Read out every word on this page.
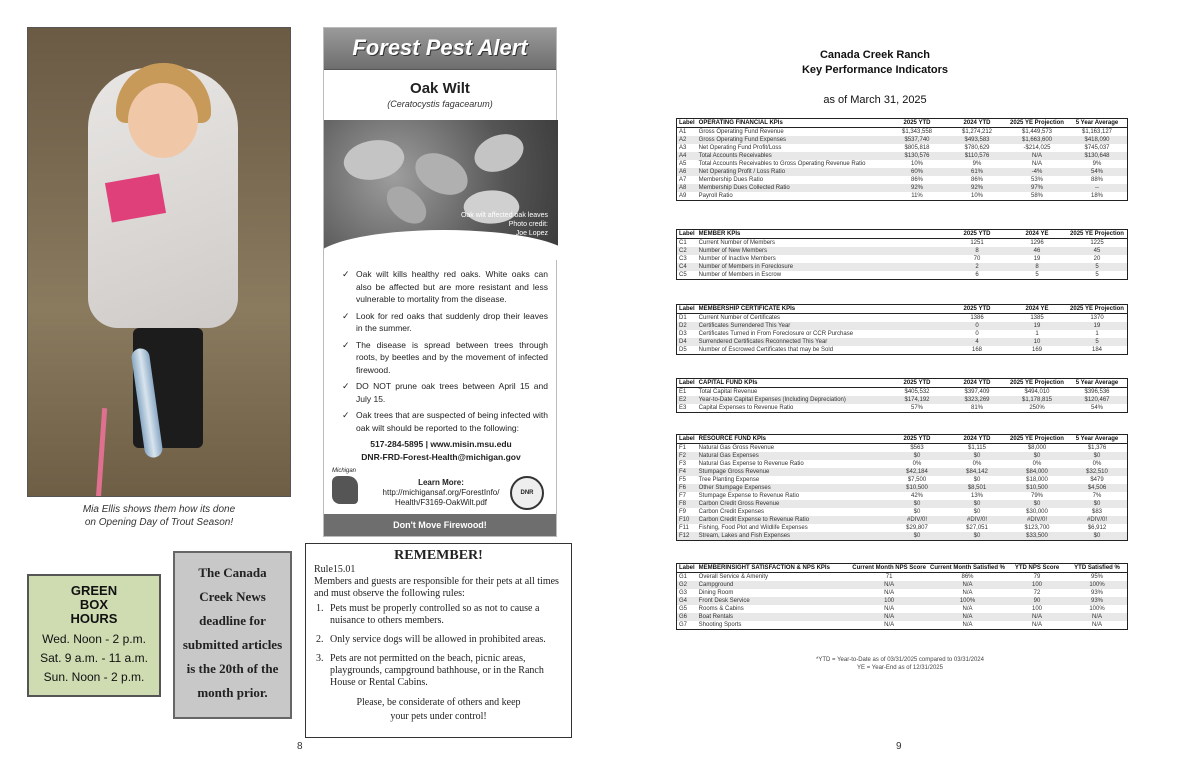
Mia Ellis shows them how its done
on Opening Day of Trout Season!
GREEN
BOX
HOURS
Wed. Noon - 2 p.m.
Sat. 9 a.m. - 11 a.m.
Sun. Noon - 2 p.m.
The Canada
Creek News
deadline for
submitted articles
is the 20th of the
month prior.
Forest Pest Alert
Oak Wilt
(Ceratocystis fagacearum)
Oak wilt affected oak leaves
Photo credit:
Joe Lopez
✓ Oak wilt kills healthy red oaks. White oaks can also be affected but are more resistant and less vulnerable to mortality from the disease.
✓ Look for red oaks that suddenly drop their leaves in the summer.
✓ The disease is spread between trees through roots, by beetles and by the movement of infected firewood.
✓ DO NOT prune oak trees between April 15 and July 15.
✓ Oak trees that are suspected of being infected with oak wilt should be reported to the following:
517-284-5895 | www.misin.msu.edu
DNR-FRD-Forest-Health@michigan.gov
Michigan
Learn More:
http://michigansaf.org/ForestInfo/
Health/F3169-OakWilt.pdf
DNR
Don't Move Firewood!
REMEMBER!
Rule15.01
Members and guests are responsible for their pets at all times and must observe the following rules:
1. Pets must be properly controlled so as not to cause a nuisance to others members.
2. Only service dogs will be allowed in prohibited areas.
3. Pets are not permitted on the beach, picnic areas, playgrounds, campground bathhouse, or in the Ranch House or Rental Cabins.
Please, be considerate of others and keep
your pets under control!
8
Canada Creek Ranch
Key Performance Indicators
as of March 31, 2025
Label	OPERATING FINANCIAL KPIs	2025 YTD	2024 YTD	2025 YE Projection	5 Year Average
A1	Gross Operating Fund Revenue	$1,343,558	$1,274,212	$1,449,573	$1,163,127
A2	Gross Operating Fund Expenses	$537,740	$493,583	$1,663,600	$418,090
A3	Net Operating Fund Profit/Loss	$805,818	$780,629	-$214,025	$745,037
A4	Total Accounts Receivables	$130,576	$110,576	N/A	$130,648
A5	Total Accounts Receivables to Gross Operating Revenue Ratio	10%	9%	N/A	9%
A6	Net Operating Profit / Loss Ratio	60%	61%	-4%	54%
A7	Membership Dues Ratio	86%	86%	53%	88%
A8	Membership Dues Collected Ratio	92%	92%	97%	--
A9	Payroll Ratio	11%	10%	58%	18%
Label	MEMBER KPIs	2025 YTD	2024 YE	2025 YE Projection
C1	Current Number of Members	1251	1296	1225
C2	Number of New Members	8	46	45
C3	Number of Inactive Members	70	19	20
C4	Number of Members in Foreclosure	2	8	5
C5	Number of Members in Escrow	6	5	5
Label	MEMBERSHIP CERTIFICATE KPIs	2025 YTD	2024 YE	2025 YE Projection
D1	Current Number of Certificates	1386	1385	1370
D2	Certificates Surrendered This Year	0	19	19
D3	Certificates Turned in From Foreclosure or CCR Purchase	0	1	1
D4	Surrendered Certificates Reconnected This Year	4	10	5
D5	Number of Escrowed Certificates that may be Sold	168	169	184
Label	CAPITAL FUND KPIs	2025 YTD	2024 YTD	2025 YE Projection	5 Year Average
E1	Total Capital Revenue	$405,532	$397,409	$494,010	$396,536
E2	Year-to-Date Capital Expenses (Including Depreciation)	$174,192	$323,269	$1,178,815	$120,467
E3	Capital Expenses to Revenue Ratio	57%	81%	250%	54%
Label	RESOURCE FUND KPIs	2025 YTD	2024 YTD	2025 YE Projection	5 Year Average
F1	Natural Gas Gross Revenue	$563	$1,115	$8,000	$1,376
F2	Natural Gas Expenses	$0	$0	$0	$0
F3	Natural Gas Expense to Revenue Ratio	0%	0%	0%	0%
F4	Stumpage Gross Revenue	$42,184	$84,142	$84,000	$32,510
F5	Tree Planting Expense	$7,500	$0	$18,000	$479
F6	Other Stumpage Expenses	$10,500	$8,501	$10,500	$4,506
F7	Stumpage Expense to Revenue Ratio	42%	13%	79%	7%
F8	Carbon Credit Gross Revenue	$0	$0	$0	$0
F9	Carbon Credit Expenses	$0	$0	$30,000	$83
F10	Carbon Credit Expense to Revenue Ratio	#DIV/0!	#DIV/0!	#DIV/0!	#DIV/0!
F11	Fishing, Food Plot and Wildlife Expenses	$29,807	$27,051	$123,700	$6,912
F12	Stream, Lakes and Fish Expenses	$0	$0	$33,500	$0
Label	MEMBERINSIGHT SATISFACTION & NPS KPIs	Current Month NPS Score	Current Month Satisfied %	YTD NPS Score	YTD Satisfied %
G1	Overall Service & Amenity	71	86%	79	95%
G2	Campground	N/A	N/A	100	100%
G3	Dining Room	N/A	N/A	72	93%
G4	Front Desk Service	100	100%	90	93%
G5	Rooms & Cabins	N/A	N/A	100	100%
G6	Boat Rentals	N/A	N/A	N/A	N/A
G7	Shooting Sports	N/A	N/A	N/A	N/A
*YTD = Year-to-Date as of 03/31/2025 compared to 03/31/2024
YE = Year-End as of 12/31/2025
9
